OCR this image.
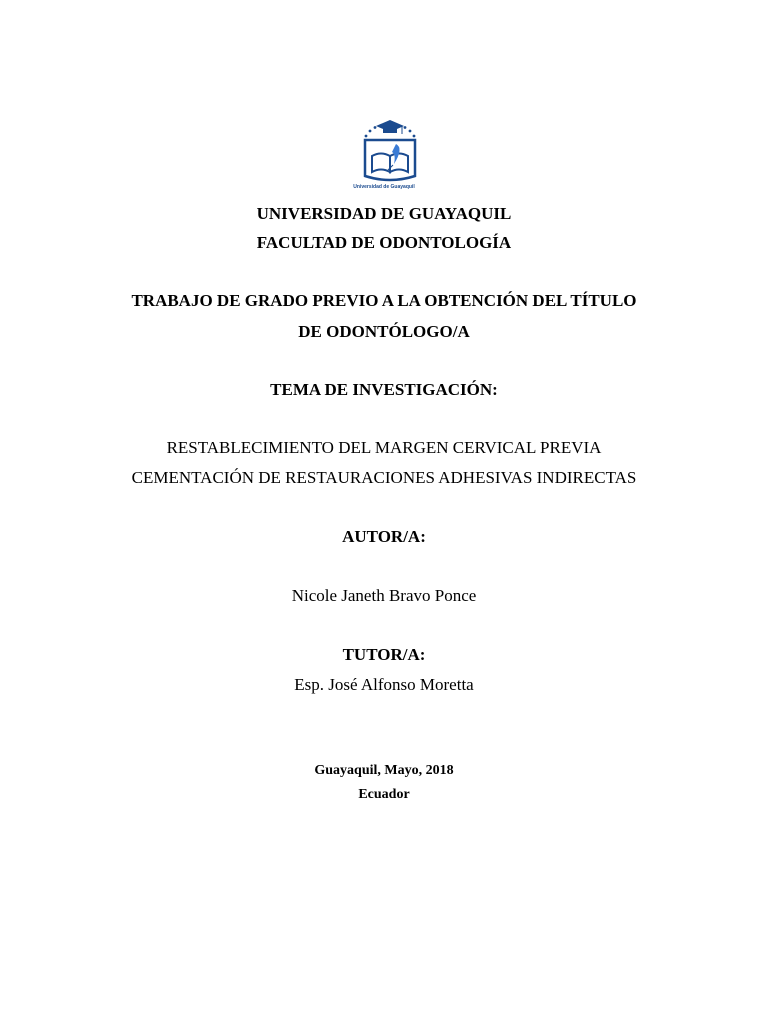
Universidad de Guayaquil
UNIVERSIDAD DE GUAYAQUIL
FACULTAD DE ODONTOLOGÍA
TRABAJO DE GRADO PREVIO A LA OBTENCIÓN DEL TÍTULO
DE ODONTÓLOGO/A
TEMA DE INVESTIGACIÓN:
RESTABLECIMIENTO DEL MARGEN CERVICAL PREVIA
CEMENTACIÓN DE RESTAURACIONES ADHESIVAS INDIRECTAS
AUTOR/A:
Nicole Janeth Bravo Ponce
TUTOR/A:
Esp. José Alfonso Moretta
Guayaquil, Mayo, 2018
Ecuador
